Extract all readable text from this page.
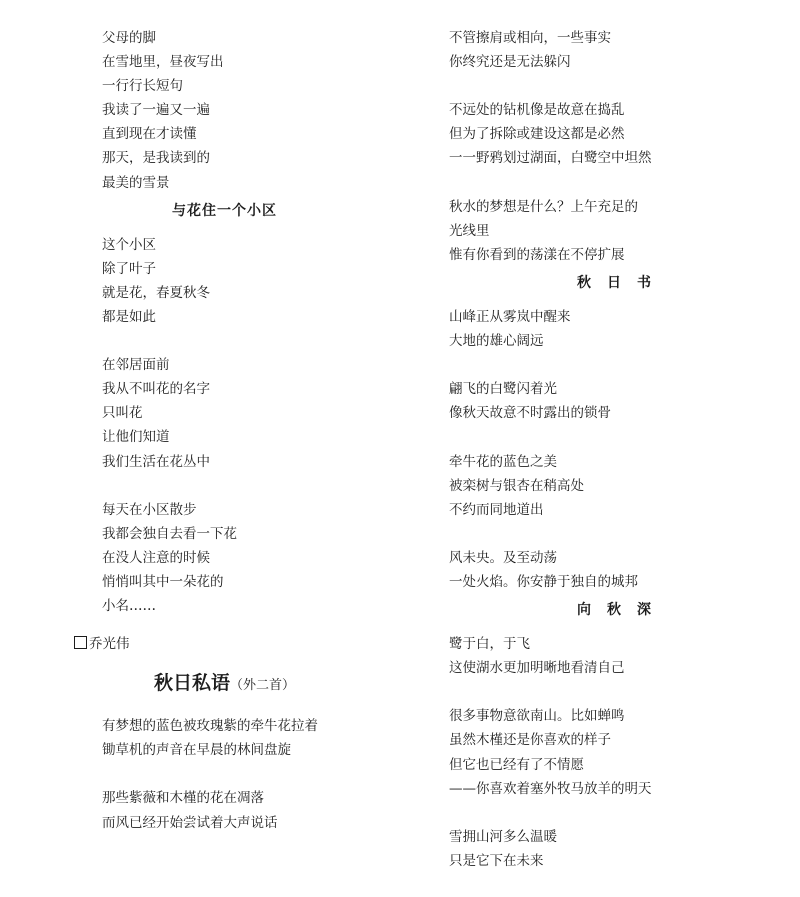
父母的脚
在雪地里，昼夜写出
一行行长短句
我读了一遍又一遍
直到现在才读懂
那天，是我读到的
最美的雪景
与花住一个小区
这个小区
除了叶子
就是花，春夏秋冬
都是如此
在邻居面前
我从不叫花的名字
只叫花
让他们知道
我们生活在花丛中
每天在小区散步
我都会独自去看一下花
在没人注意的时候
悄悄叫其中一朵花的
小名……
乔光伟
秋日私语（外二首）
有梦想的蓝色被玫瑰紫的牵牛花拉着
锄草机的声音在早晨的林间盘旋
那些紫薇和木槿的花在凋落
而风已经开始尝试着大声说话
不管擦肩或相向，一些事实
你终究还是无法躲闪
不远处的钻机像是故意在捣乱
但为了拆除或建设这都是必然
一一野鸦划过湖面，白鹭空中坦然
秋水的梦想是什么？上午充足的
光线里
惟有你看到的荡漾在不停扩展
秋日书
山峰正从雾岚中醒来
大地的雄心阔远
翩飞的白鹭闪着光
像秋天故意不时露出的锁骨
牵牛花的蓝色之美
被栾树与银杏在稍高处
不约而同地道出
风未央。及至动荡
一处火焰。你安静于独自的城邦
向秋深
鹭于白，于飞
这使湖水更加明晰地看清自己
很多事物意欲南山。比如蝉鸣
虽然木槿还是你喜欢的样子
但它也已经有了不情愿
——你喜欢着塞外牧马放羊的明天
雪拥山河多么温暖
只是它下在未来
